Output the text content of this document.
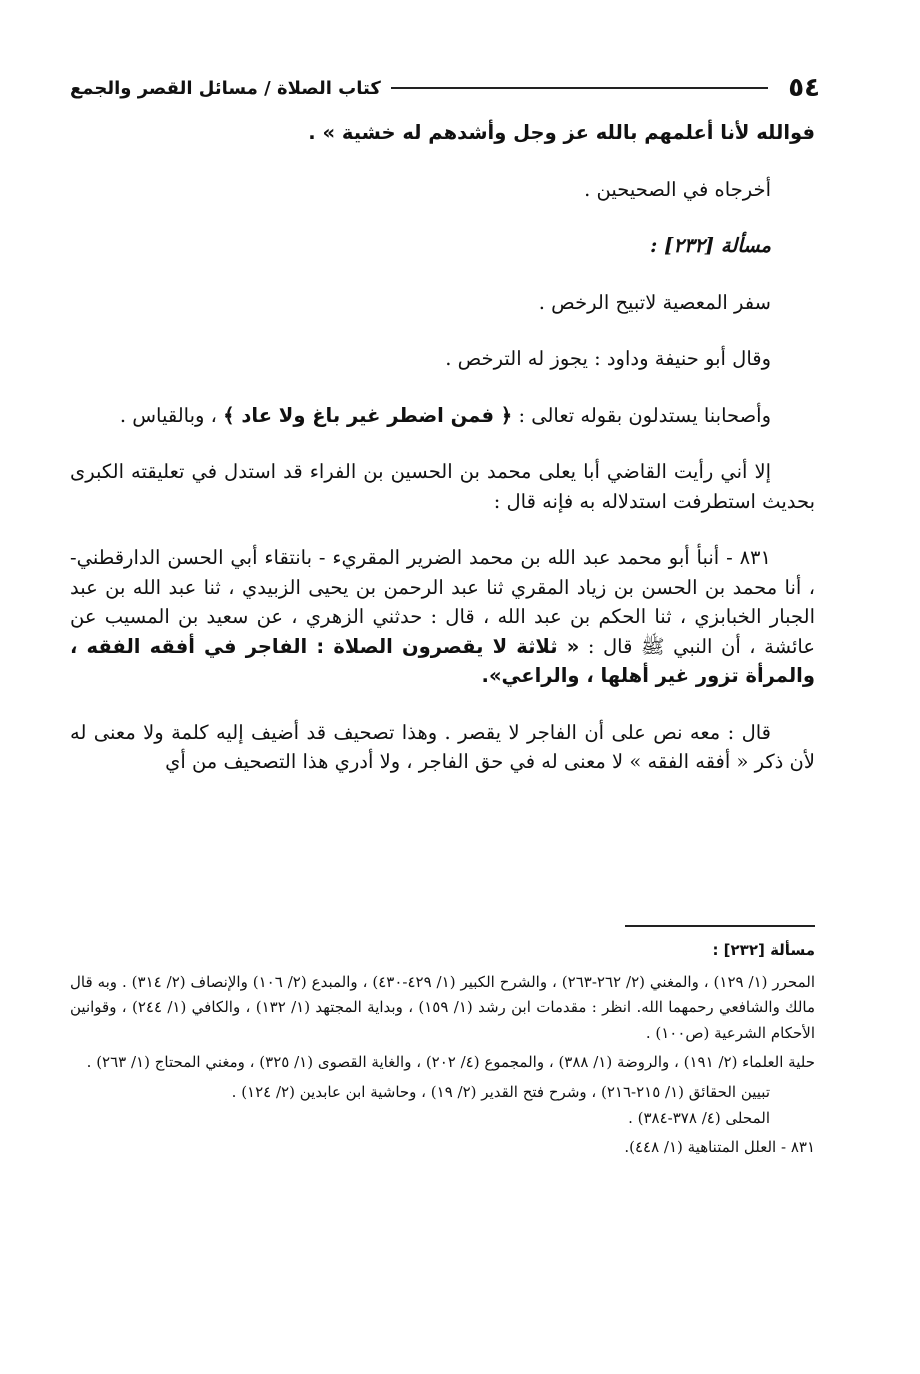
٥٤
كتاب الصلاة / مسائل القصر والجمع

فوالله لأنا أعلمهم بالله عز وجل وأشدهم له خشية » .

أخرجاه في الصحيحين .

مسألة [٢٣٢] :

سفر المعصية لاتبيح الرخص .

وقال أبو حنيفة وداود : يجوز له الترخص .

وأصحابنا يستدلون بقوله تعالى : ﴿ فمن اضطر غير باغ ولا عاد ﴾ ، وبالقياس .

إلا أني رأيت القاضي أبا يعلى محمد بن الحسين بن الفراء قد استدل في تعليقته الكبرى بحديث استطرفت استدلاله به فإنه قال :

٨٣١ - أنبأ أبو محمد عبد الله بن محمد الضرير المقريء - بانتقاء أبي الحسن الدارقطني- ، أنا محمد بن الحسن بن زياد المقري ثنا عبد الرحمن بن يحيى الزبيدي ، ثنا عبد الله بن عبد الجبار الخبابزي ، ثنا الحكم بن عبد الله ، قال : حدثني الزهري ، عن سعيد بن المسيب عن عائشة ، أن النبي ﷺ قال : « ثلاثة لا يقصرون الصلاة : الفاجر في أفقه الفقه ، والمرأة تزور غير أهلها ، والراعي».

قال : معه نص على أن الفاجر لا يقصر . وهذا تصحيف قد أضيف إليه كلمة ولا معنى له لأن ذكر « أفقه الفقه » لا معنى له في حق الفاجر ، ولا أدري هذا التصحيف من أي

مسألة [٢٣٢] :

المحرر (١/ ١٢٩) ، والمغني (٢/ ٢٦٢-٢٦٣) ، والشرح الكبير (١/ ٤٢٩-٤٣٠) ، والمبدع (٢/ ١٠٦) والإنصاف (٢/ ٣١٤) . وبه قال مالك والشافعي رحمهما الله. انظر : مقدمات ابن رشد (١/ ١٥٩) ، وبداية المجتهد (١/ ١٣٢) ، والكافي (١/ ٢٤٤) ، وقوانين الأحكام الشرعية (ص١٠٠) .

حلية العلماء (٢/ ١٩١) ، والروضة (١/ ٣٨٨) ، والمجموع (٤/ ٢٠٢) ، والغاية القصوى (١/ ٣٢٥) ، ومغني المحتاج (١/ ٢٦٣) .

تبيين الحقائق (١/ ٢١٥-٢١٦) ، وشرح فتح القدير (٢/ ١٩) ، وحاشية ابن عابدين (٢/ ١٢٤) .

المحلى (٤/ ٣٧٨-٣٨٤) .

٨٣١ - العلل المتناهية (١/ ٤٤٨).
